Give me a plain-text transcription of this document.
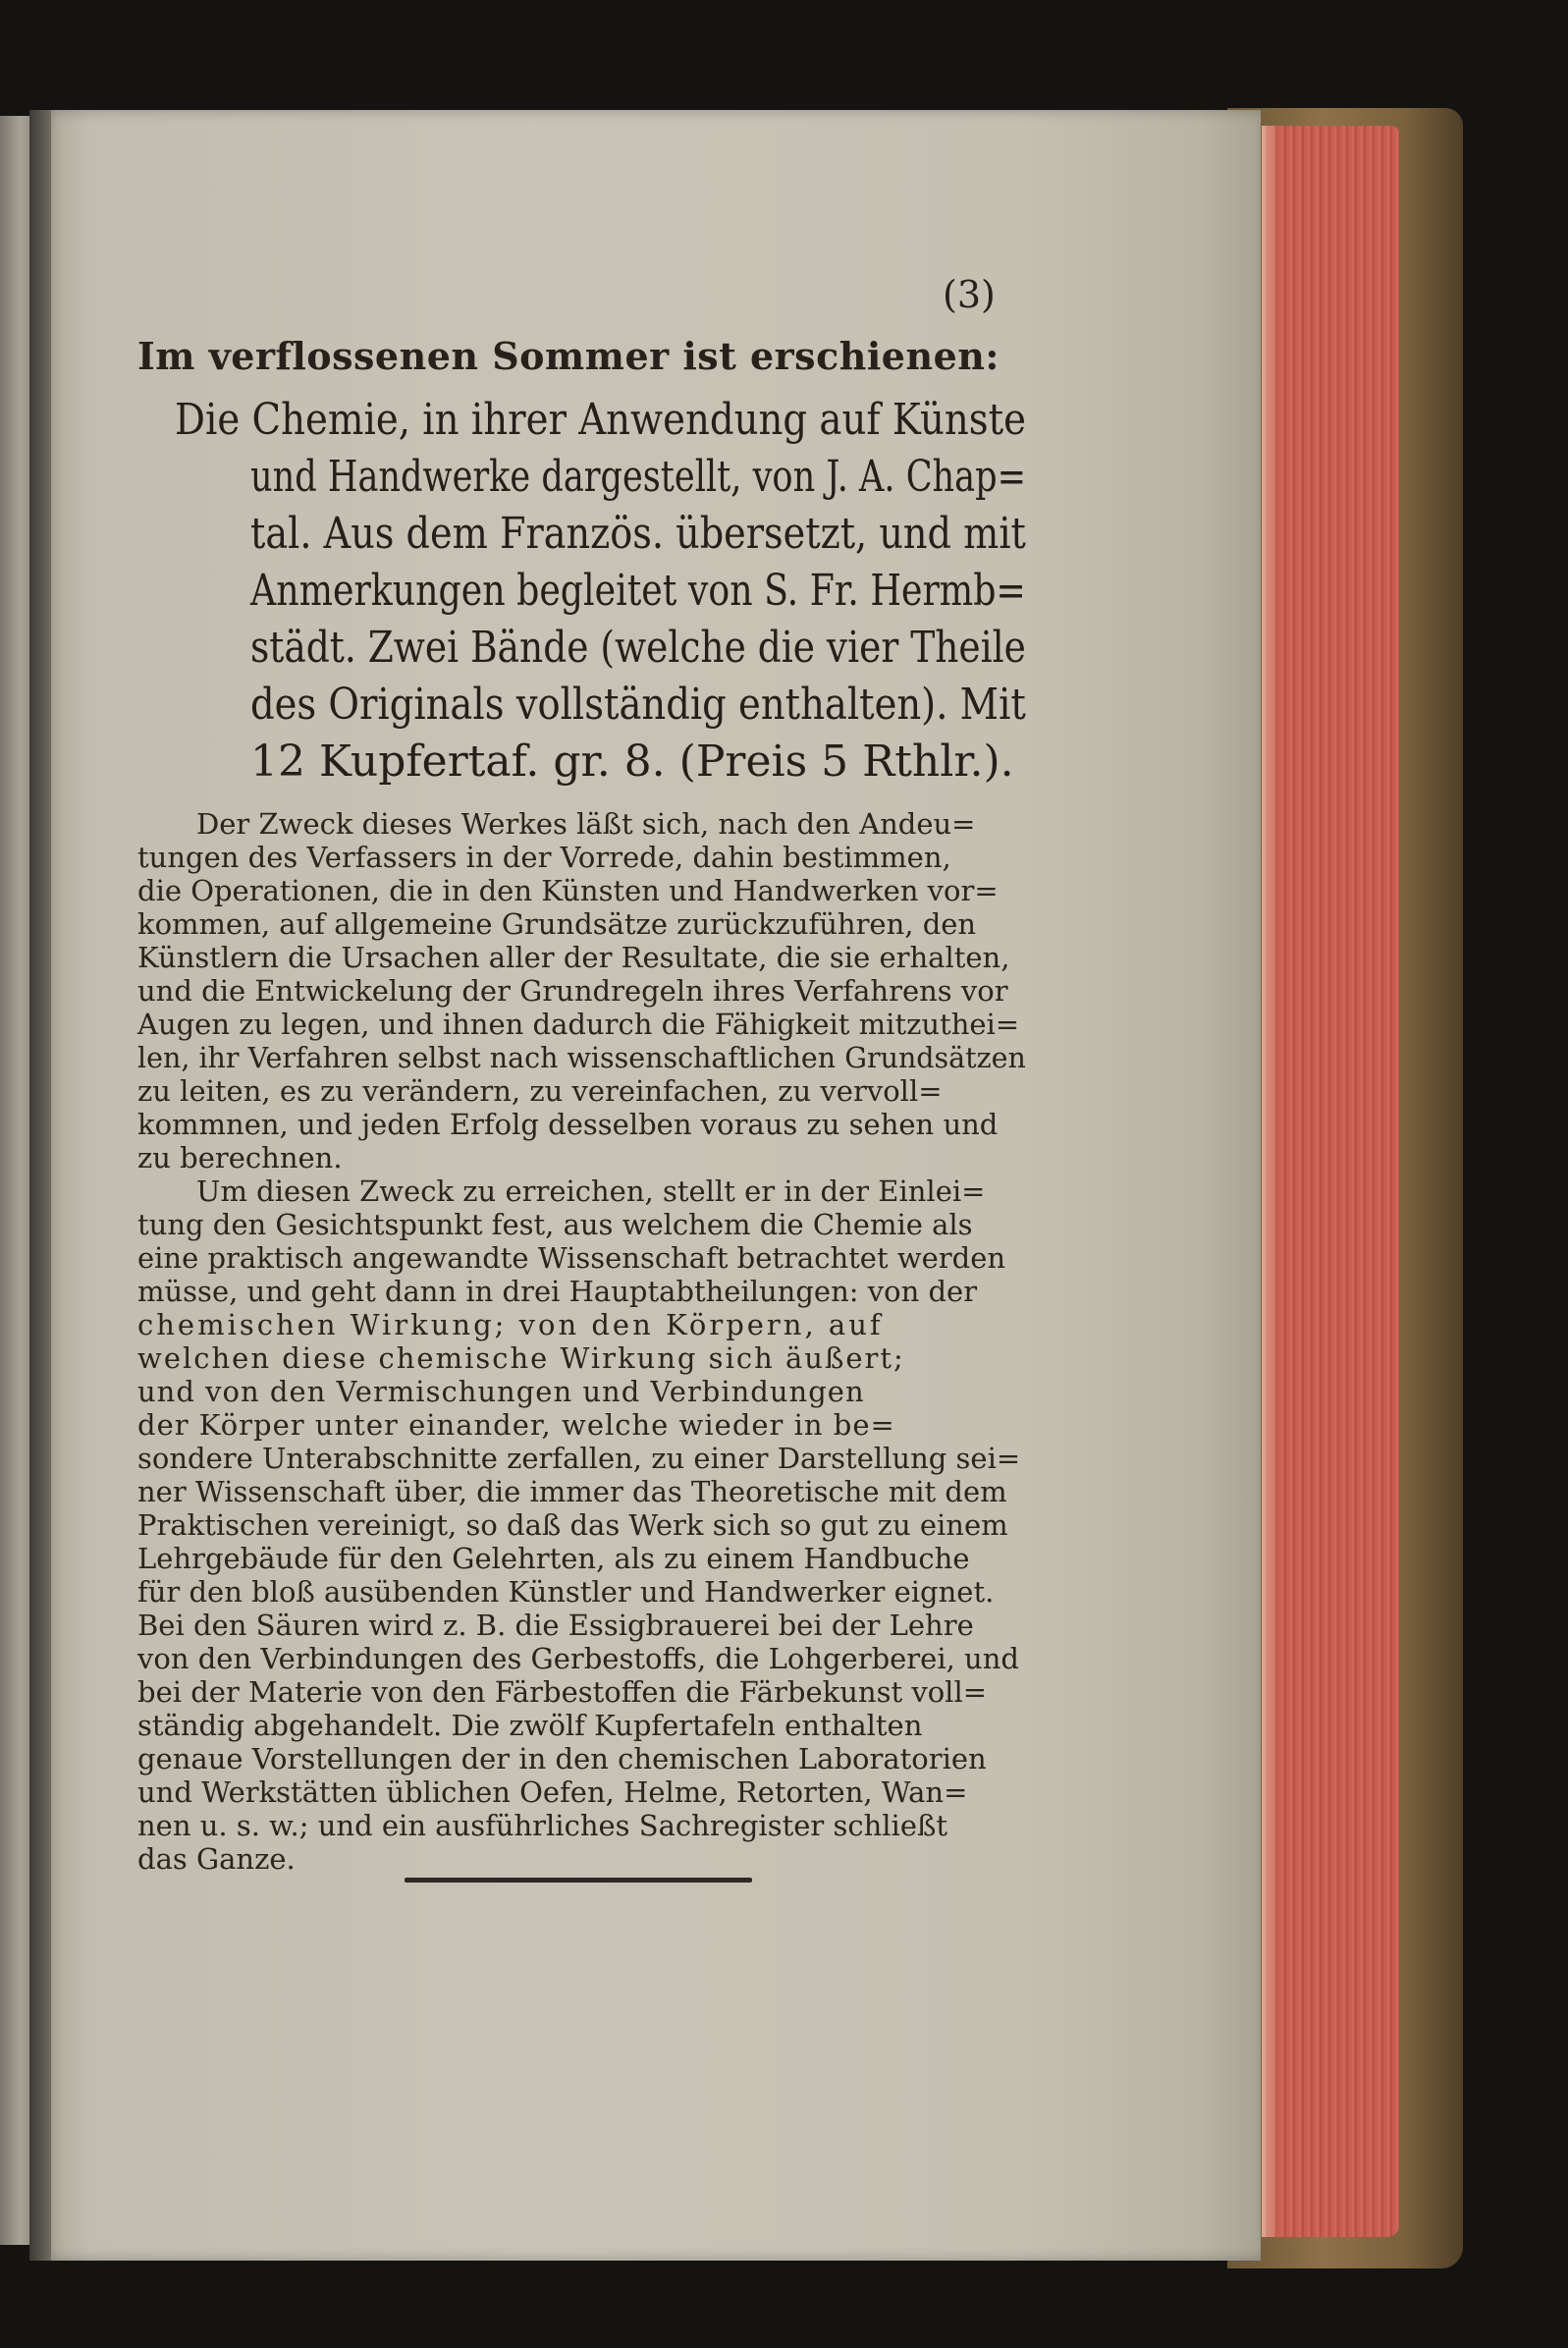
(3)
Im verflossenen Sommer ist erschienen:
Die Chemie, in ihrer Anwendung auf Künste
und Handwerke dargestellt, von J. A. Chap=
tal. Aus dem Französ. übersetzt, und mit
Anmerkungen begleitet von S. Fr. Hermb=
städt. Zwei Bände (welche die vier Theile
des Originals vollständig enthalten). Mit
12 Kupfertaf. gr. 8. (Preis 5 Rthlr.).
Der Zweck dieses Werkes läßt sich, nach den Andeu=
tungen des Verfassers in der Vorrede, dahin bestimmen,
die Operationen, die in den Künsten und Handwerken vor=
kommen, auf allgemeine Grundsätze zurückzuführen, den
Künstlern die Ursachen aller der Resultate, die sie erhalten,
und die Entwickelung der Grundregeln ihres Verfahrens vor
Augen zu legen, und ihnen dadurch die Fähigkeit mitzuthei=
len, ihr Verfahren selbst nach wissenschaftlichen Grundsätzen
zu leiten, es zu verändern, zu vereinfachen, zu vervoll=
kommnen, und jeden Erfolg desselben voraus zu sehen und
zu berechnen.
Um diesen Zweck zu erreichen, stellt er in der Einlei=
tung den Gesichtspunkt fest, aus welchem die Chemie als
eine praktisch angewandte Wissenschaft betrachtet werden
müsse, und geht dann in drei Hauptabtheilungen: von der
chemischen Wirkung; von den Körpern, auf
welchen diese chemische Wirkung sich äußert;
und von den Vermischungen und Verbindungen
der Körper unter einander, welche wieder in be=
sondere Unterabschnitte zerfallen, zu einer Darstellung sei=
ner Wissenschaft über, die immer das Theoretische mit dem
Praktischen vereinigt, so daß das Werk sich so gut zu einem
Lehrgebäude für den Gelehrten, als zu einem Handbuche
für den bloß ausübenden Künstler und Handwerker eignet.
Bei den Säuren wird z. B. die Essigbrauerei bei der Lehre
von den Verbindungen des Gerbestoffs, die Lohgerberei, und
bei der Materie von den Färbestoffen die Färbekunst voll=
ständig abgehandelt. Die zwölf Kupfertafeln enthalten
genaue Vorstellungen der in den chemischen Laboratorien
und Werkstätten üblichen Oefen, Helme, Retorten, Wan=
nen u. s. w.; und ein ausführliches Sachregister schließt
das Ganze.
